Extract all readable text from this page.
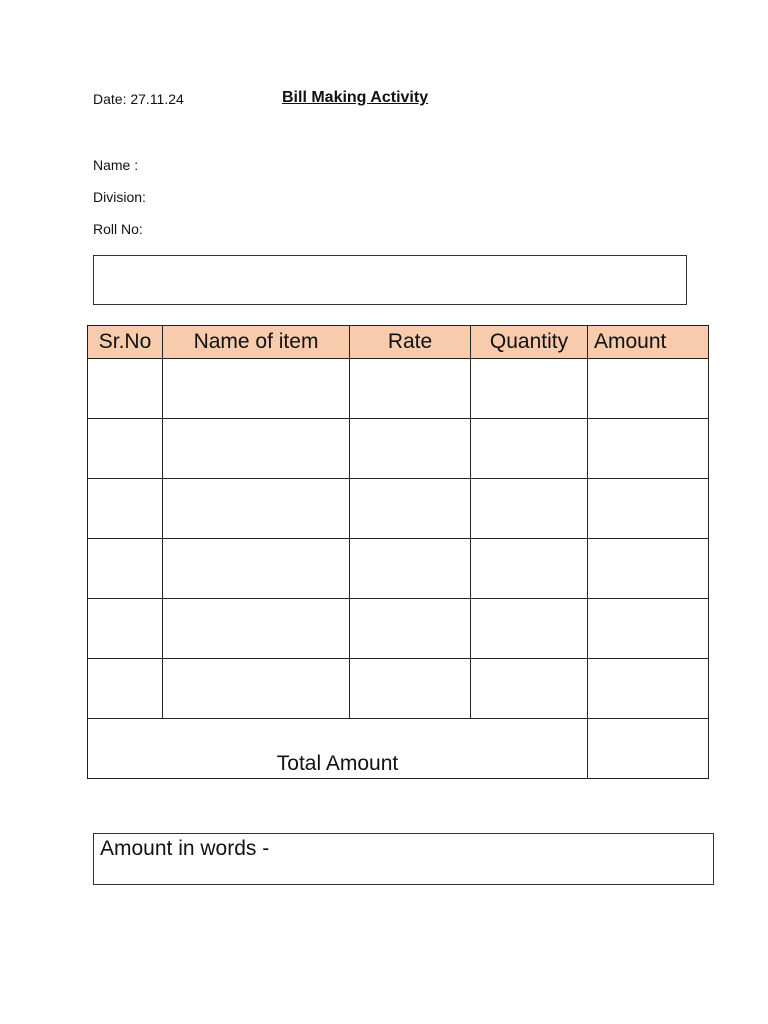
Date: 27.11.24	Bill Making Activity
Name :
Division:
Roll No:
Sr.No	Name of item	Rate	Quantity	Amount

Total Amount				
Amount in words -
